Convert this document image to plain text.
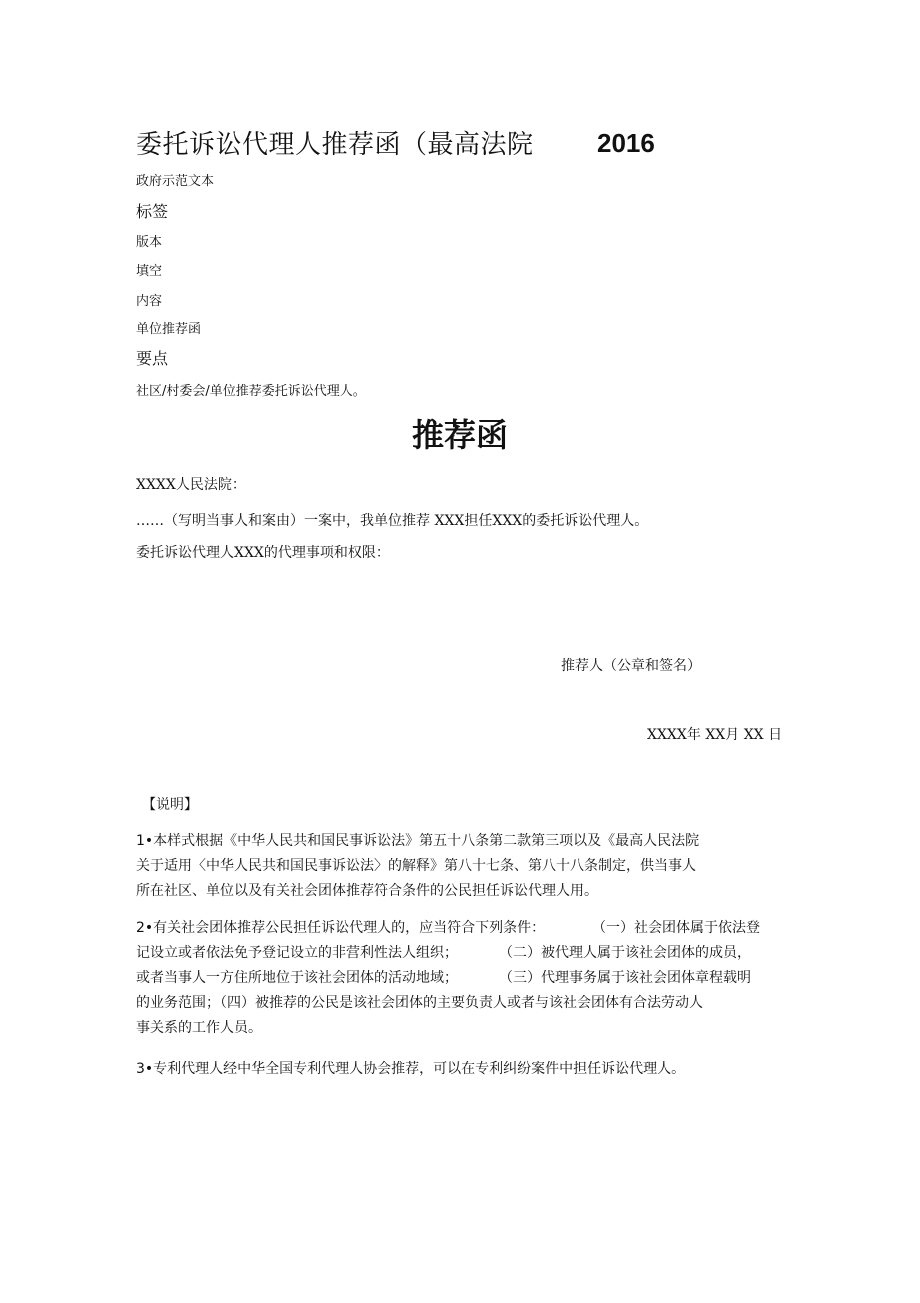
委托诉讼代理人推荐函（最高法院 2016
政府示范文本
标签
版本
填空
内容
单位推荐函
要点
社区/村委会/单位推荐委托诉讼代理人。
推荐函
XXXX人民法院：
……（写明当事人和案由）一案中，我单位推荐 XXX担任XXX的委托诉讼代理人。
委托诉讼代理人XXX的代理事项和权限：
推荐人（公章和签名）
XXXX年 XX月 XX 日
【说明】
1•本样式根据《中华人民共和国民事诉讼法》第五十八条第二款第三项以及《最高人民法院
关于适用〈中华人民共和国民事诉讼法〉的解释》第八十七条、第八十八条制定，供当事人
所在社区、单位以及有关社会团体推荐符合条件的公民担任诉讼代理人用。
2•有关社会团体推荐公民担任诉讼代理人的，应当符合下列条件：	（一）社会团体属于依法登
记设立或者依法免予登记设立的非营利性法人组织；	（二）被代理人属于该社会团体的成员，
或者当事人一方住所地位于该社会团体的活动地域；	（三）代理事务属于该社会团体章程载明
的业务范围；（四）被推荐的公民是该社会团体的主要负责人或者与该社会团体有合法劳动人
事关系的工作人员。
3•专利代理人经中华全国专利代理人协会推荐，可以在专利纠纷案件中担任诉讼代理人。
